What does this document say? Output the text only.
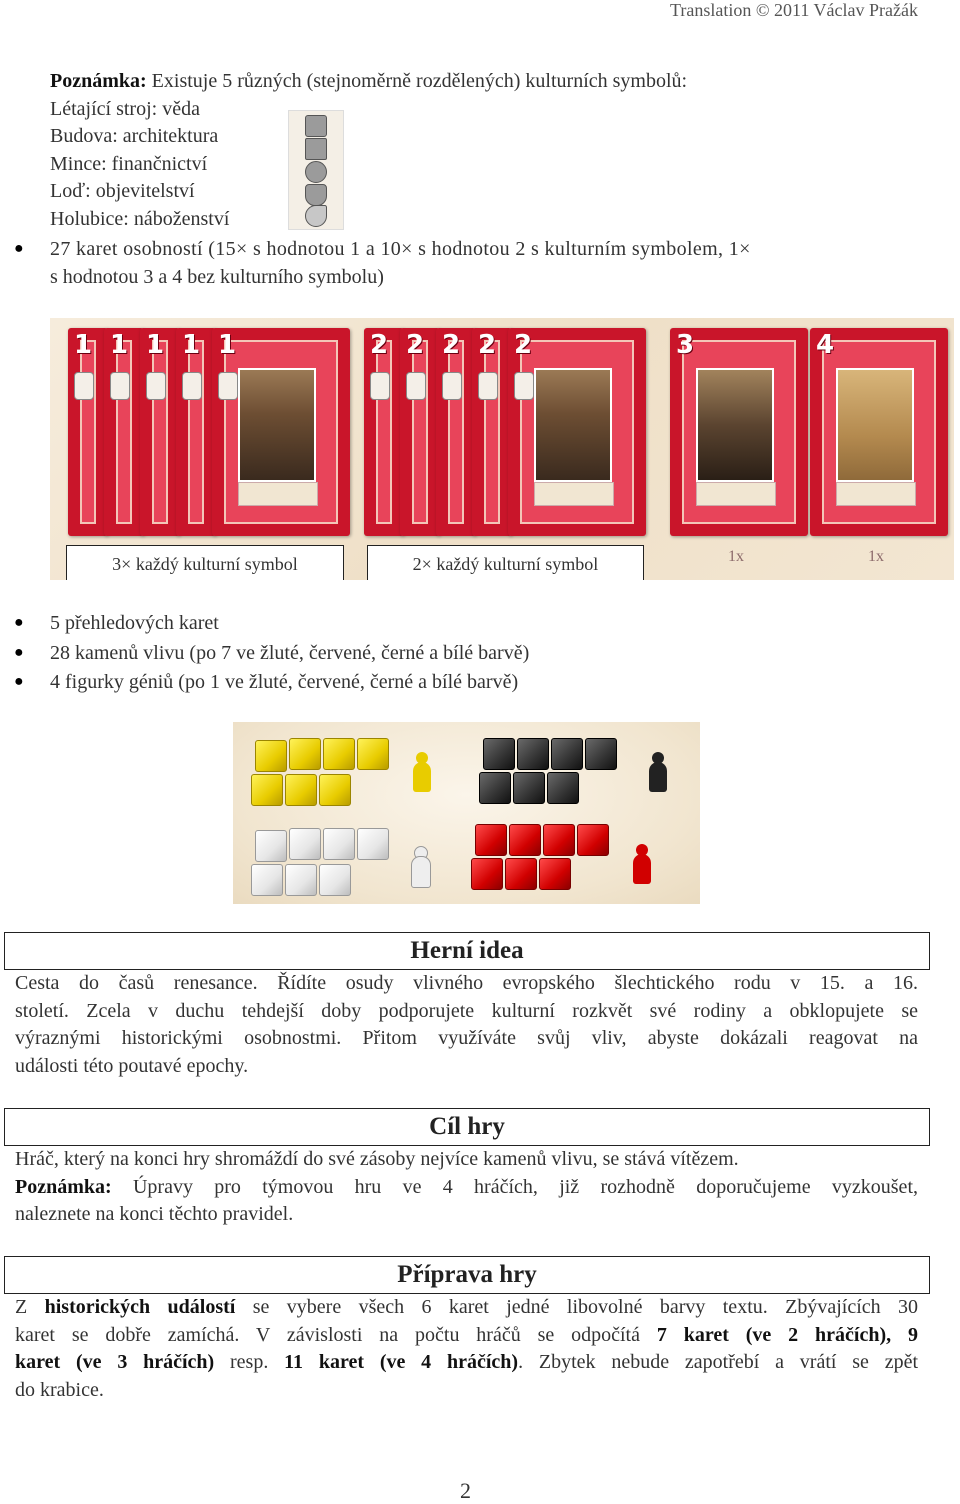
Translation © 2011 Václav Pražák
Poznámka: Existuje 5 různých (stejnoměrně rozdělených) kulturních symbolů:
Létající stroj: věda
Budova: architektura
Mince: finančnictví
Loď: objevitelství
Holubice: náboženství
● 27 karet osobností (15× s hodnotou 1 a 10× s hodnotou 2 s kulturním symbolem, 1×
s hodnotou 3 a 4 bez kulturního symbolu)
1 1 1 1 1	2 2 2 2 2	3	4
3× každý kulturní symbol	2× každý kulturní symbol	1x	1x
● 5 přehledových karet
● 28 kamenů vlivu (po 7 ve žluté, červené, černé a bílé barvě)
● 4 figurky géniů (po 1 ve žluté, červené, černé a bílé barvě)
Herní idea
Cesta do časů renesance. Řídíte osudy vlivného evropského šlechtického rodu v 15. a 16.
století. Zcela v duchu tehdejší doby podporujete kulturní rozkvět své rodiny a obklopujete se
výraznými historickými osobnostmi. Přitom využíváte svůj vliv, abyste dokázali reagovat na
události této poutavé epochy.
Cíl hry
Hráč, který na konci hry shromáždí do své zásoby nejvíce kamenů vlivu, se stává vítězem.
Poznámka: Úpravy pro týmovou hru ve 4 hráčích, již rozhodně doporučujeme vyzkoušet,
naleznete na konci těchto pravidel.
Příprava hry
Z historických událostí se vybere všech 6 karet jedné libovolné barvy textu. Zbývajících 30
karet se dobře zamíchá. V závislosti na počtu hráčů se odpočítá 7 karet (ve 2 hráčích), 9
karet (ve 3 hráčích) resp. 11 karet (ve 4 hráčích). Zbytek nebude zapotřebí a vrátí se zpět
do krabice.
2
